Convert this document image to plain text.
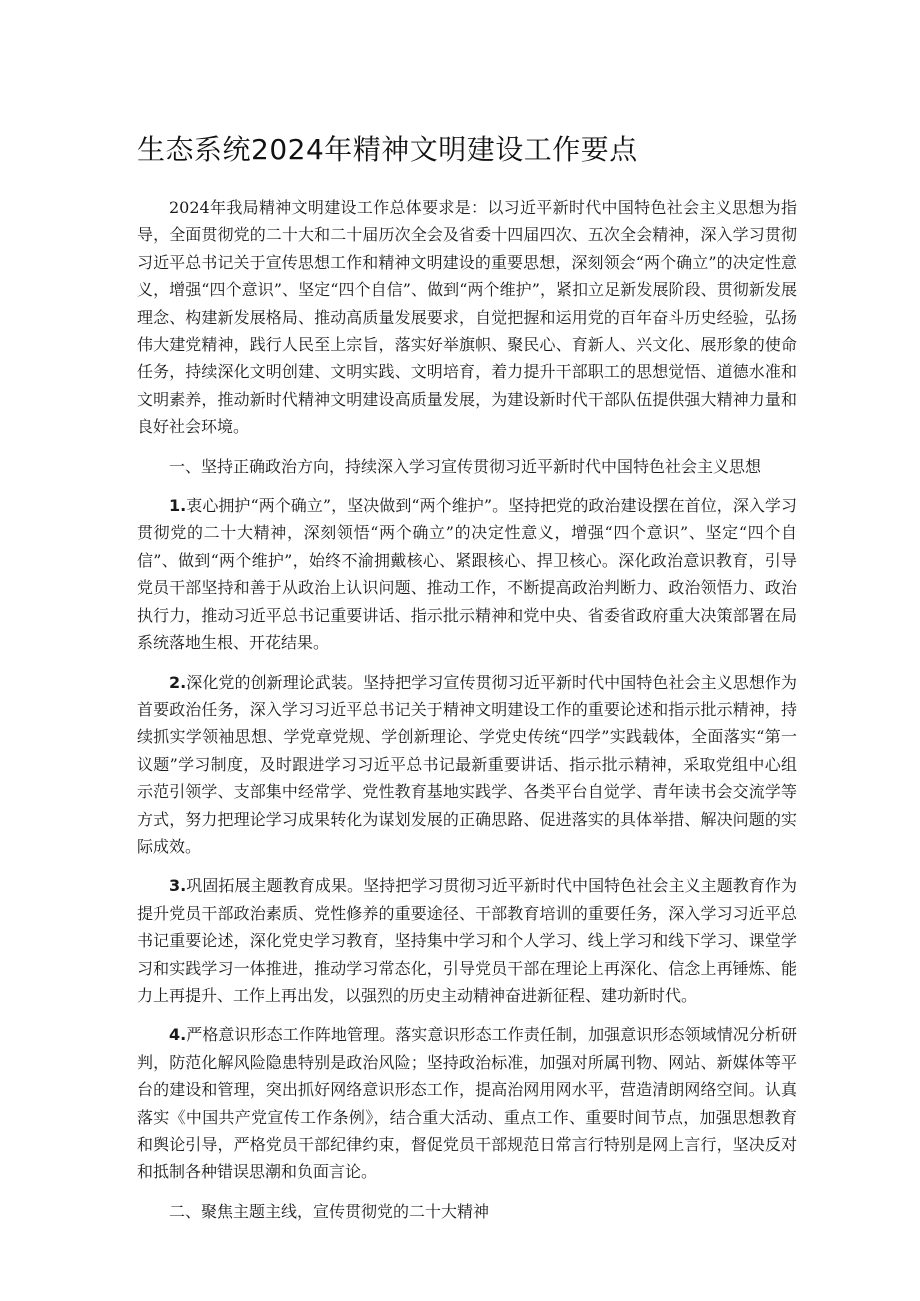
生态系统2024年精神文明建设工作要点

2024年我局精神文明建设工作总体要求是：以习近平新时代中国特色社会主义思想为指导，全面贯彻党的二十大和二十届历次全会及省委十四届四次、五次全会精神，深入学习贯彻习近平总书记关于宣传思想工作和精神文明建设的重要思想，深刻领会“两个确立”的决定性意义，增强“四个意识”、坚定“四个自信”、做到“两个维护”，紧扣立足新发展阶段、贯彻新发展理念、构建新发展格局、推动高质量发展要求，自觉把握和运用党的百年奋斗历史经验，弘扬伟大建党精神，践行人民至上宗旨，落实好举旗帜、聚民心、育新人、兴文化、展形象的使命任务，持续深化文明创建、文明实践、文明培育，着力提升干部职工的思想觉悟、道德水准和文明素养，推动新时代精神文明建设高质量发展，为建设新时代干部队伍提供强大精神力量和良好社会环境。

一、坚持正确政治方向，持续深入学习宣传贯彻习近平新时代中国特色社会主义思想

1.衷心拥护“两个确立”，坚决做到“两个维护”。坚持把党的政治建设摆在首位，深入学习贯彻党的二十大精神，深刻领悟“两个确立”的决定性意义，增强“四个意识”、坚定“四个自信”、做到“两个维护”，始终不渝拥戴核心、紧跟核心、捍卫核心。深化政治意识教育，引导党员干部坚持和善于从政治上认识问题、推动工作，不断提高政治判断力、政治领悟力、政治执行力，推动习近平总书记重要讲话、指示批示精神和党中央、省委省政府重大决策部署在局系统落地生根、开花结果。

2.深化党的创新理论武装。坚持把学习宣传贯彻习近平新时代中国特色社会主义思想作为首要政治任务，深入学习习近平总书记关于精神文明建设工作的重要论述和指示批示精神，持续抓实学领袖思想、学党章党规、学创新理论、学党史传统“四学”实践载体，全面落实“第一议题”学习制度，及时跟进学习习近平总书记最新重要讲话、指示批示精神，采取党组中心组示范引领学、支部集中经常学、党性教育基地实践学、各类平台自觉学、青年读书会交流学等方式，努力把理论学习成果转化为谋划发展的正确思路、促进落实的具体举措、解决问题的实际成效。

3.巩固拓展主题教育成果。坚持把学习贯彻习近平新时代中国特色社会主义主题教育作为提升党员干部政治素质、党性修养的重要途径、干部教育培训的重要任务，深入学习习近平总书记重要论述，深化党史学习教育，坚持集中学习和个人学习、线上学习和线下学习、课堂学习和实践学习一体推进，推动学习常态化，引导党员干部在理论上再深化、信念上再锤炼、能力上再提升、工作上再出发，以强烈的历史主动精神奋进新征程、建功新时代。

4.严格意识形态工作阵地管理。落实意识形态工作责任制，加强意识形态领域情况分析研判，防范化解风险隐患特别是政治风险；坚持政治标准，加强对所属刊物、网站、新媒体等平台的建设和管理，突出抓好网络意识形态工作，提高治网用网水平，营造清朗网络空间。认真落实《中国共产党宣传工作条例》，结合重大活动、重点工作、重要时间节点，加强思想教育和舆论引导，严格党员干部纪律约束，督促党员干部规范日常言行特别是网上言行，坚决反对和抵制各种错误思潮和负面言论。

二、聚焦主题主线，宣传贯彻党的二十大精神
